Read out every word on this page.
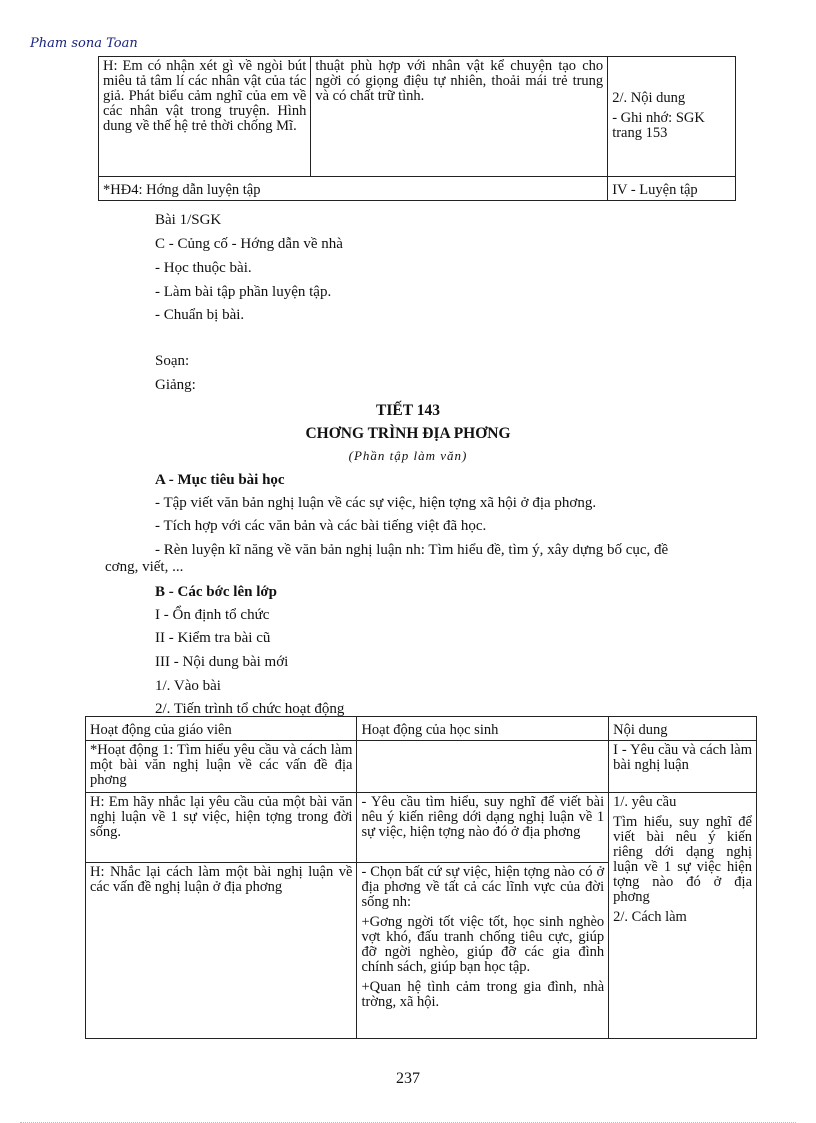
Pham sona Toan
H: Em có nhận xét gì về ngòi bút miêu tả tâm lí các nhân vật của tác giả. Phát biểu cảm nghĩ của em về các nhân vật trong truyện. Hình dung về thế hệ trẻ thời chống Mĩ.	thuật phù hợp với nhân vật kể chuyện tạo cho ngời có giọng điệu tự nhiên, thoải mái trẻ trung và có chất trữ tình.	2/. Nội dung
- Ghi nhớ: SGK trang 153

*HĐ4: Hớng dẫn luyện tập		IV - Luyện tập

Bài 1/SGK

C - Củng cố - Hớng dẫn về nhà

- Học thuộc bài.

- Làm bài tập phần luyện tập.

- Chuẩn bị bài.

Soạn:

Giảng:

TIẾT 143

CHƠNG TRÌNH ĐỊA PHƠNG

(Phần tập làm văn)

A - Mục tiêu bài học

- Tập viết văn bản nghị luận về các sự việc, hiện tợng xã hội ở địa phơng.

- Tích hợp với các văn bản và các bài tiếng việt đã học.

- Rèn luyện kĩ năng về văn bản nghị luận nh: Tìm hiểu đề, tìm ý, xây dựng bố cục, đề

cơng, viết, ...

B - Các bớc lên lớp

I - Ổn định tổ chức

II - Kiểm tra bài cũ

III - Nội dung bài mới

1/. Vào bài

2/. Tiến trình tổ chức hoạt động

Hoạt động của giáo viên	Hoạt động của học sinh	Nội dung
*Hoạt động 1: Tìm hiểu yêu cầu và cách làm một bài văn nghị luận về các vấn đề địa phơng		I - Yêu cầu và cách làm bài nghị luận
H: Em hãy nhắc lại yêu cầu của một bài văn nghị luận về 1 sự việc, hiện tợng trong đời sống.	- Yêu cầu tìm hiểu, suy nghĩ để viết bài nêu ý kiến riêng dới dạng nghị luận về 1 sự việc, hiện tợng nào đó ở địa phơng	1/. yêu cầu
Tìm hiểu, suy nghĩ để viết bài nêu ý kiến riêng dới dạng nghị luận về 1 sự việc hiện tợng nào đó ở địa phơng
2/. Cách làm

H: Nhắc lại cách làm một bài nghị luận về các vấn đề nghị luận ở địa phơng	- Chọn bất cứ sự việc, hiện tợng nào có ở địa phơng về tất cả các lĩnh vực của đời sống nh:
+Gơng ngời tốt việc tốt, học sinh nghèo vợt khó, đấu tranh chống tiêu cực, giúp đỡ ngời nghèo, giúp đỡ các gia đình chính sách, giúp bạn học tập.
+Quan hệ tình cảm trong gia đình, nhà trờng, xã hội.	
237
